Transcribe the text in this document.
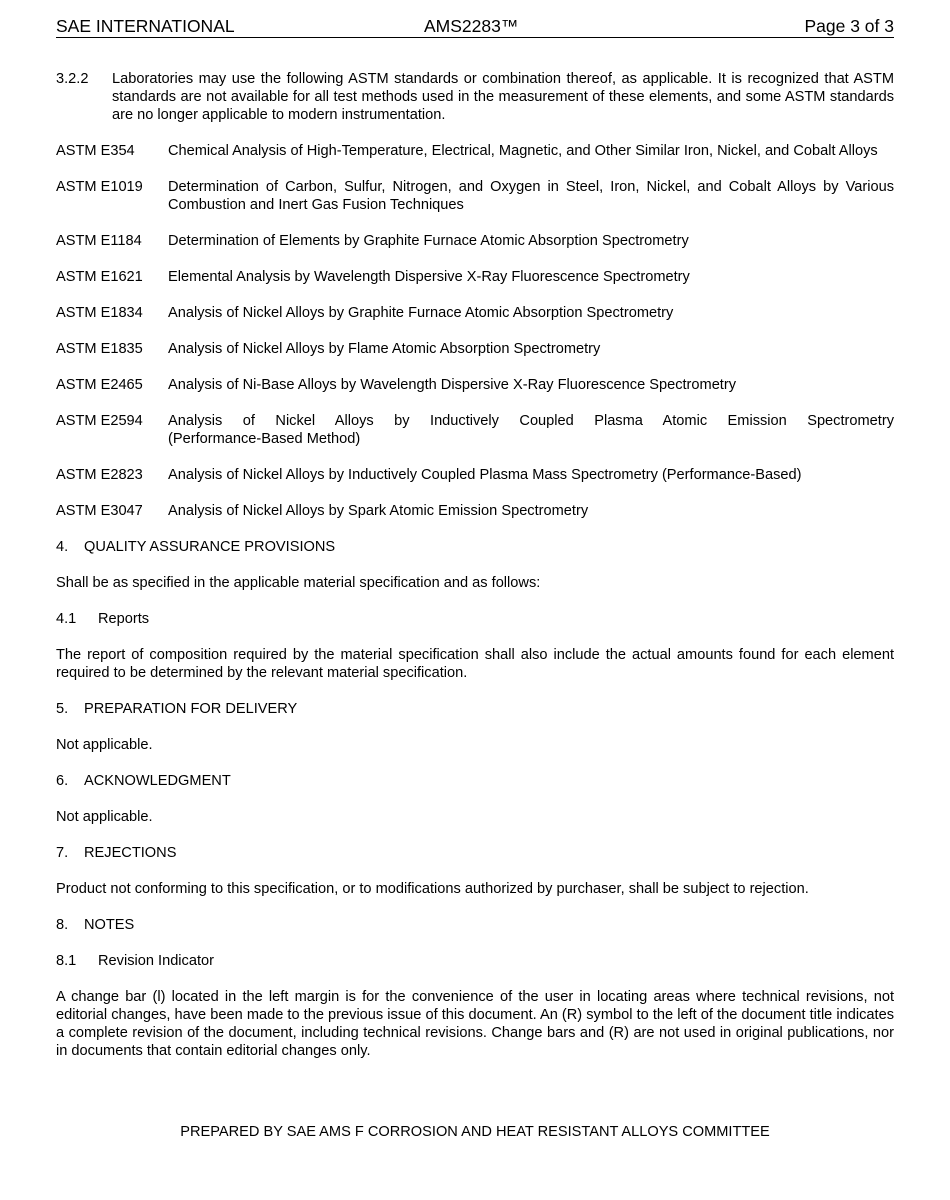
SAE INTERNATIONAL	AMS2283™	Page 3 of 3
3.2.2	Laboratories may use the following ASTM standards or combination thereof, as applicable. It is recognized that ASTM standards are not available for all test methods used in the measurement of these elements, and some ASTM standards are no longer applicable to modern instrumentation.
ASTM E354	Chemical Analysis of High-Temperature, Electrical, Magnetic, and Other Similar Iron, Nickel, and Cobalt Alloys
ASTM E1019	Determination of Carbon, Sulfur, Nitrogen, and Oxygen in Steel, Iron, Nickel, and Cobalt Alloys by Various Combustion and Inert Gas Fusion Techniques
ASTM E1184	Determination of Elements by Graphite Furnace Atomic Absorption Spectrometry
ASTM E1621	Elemental Analysis by Wavelength Dispersive X-Ray Fluorescence Spectrometry
ASTM E1834	Analysis of Nickel Alloys by Graphite Furnace Atomic Absorption Spectrometry
ASTM E1835	Analysis of Nickel Alloys by Flame Atomic Absorption Spectrometry
ASTM E2465	Analysis of Ni-Base Alloys by Wavelength Dispersive X-Ray Fluorescence Spectrometry
ASTM E2594	Analysis of Nickel Alloys by Inductively Coupled Plasma Atomic Emission Spectrometry
(Performance-Based Method)
ASTM E2823	Analysis of Nickel Alloys by Inductively Coupled Plasma Mass Spectrometry (Performance-Based)
ASTM E3047	Analysis of Nickel Alloys by Spark Atomic Emission Spectrometry
4. QUALITY ASSURANCE PROVISIONS
Shall be as specified in the applicable material specification and as follows:
4.1 Reports
The report of composition required by the material specification shall also include the actual amounts found for each element required to be determined by the relevant material specification.
5. PREPARATION FOR DELIVERY
Not applicable.
6. ACKNOWLEDGMENT
Not applicable.
7. REJECTIONS
Product not conforming to this specification, or to modifications authorized by purchaser, shall be subject to rejection.
8. NOTES
8.1 Revision Indicator
A change bar (l) located in the left margin is for the convenience of the user in locating areas where technical revisions, not editorial changes, have been made to the previous issue of this document. An (R) symbol to the left of the document title indicates a complete revision of the document, including technical revisions. Change bars and (R) are not used in original publications, nor in documents that contain editorial changes only.
PREPARED BY SAE AMS F CORROSION AND HEAT RESISTANT ALLOYS COMMITTEE
